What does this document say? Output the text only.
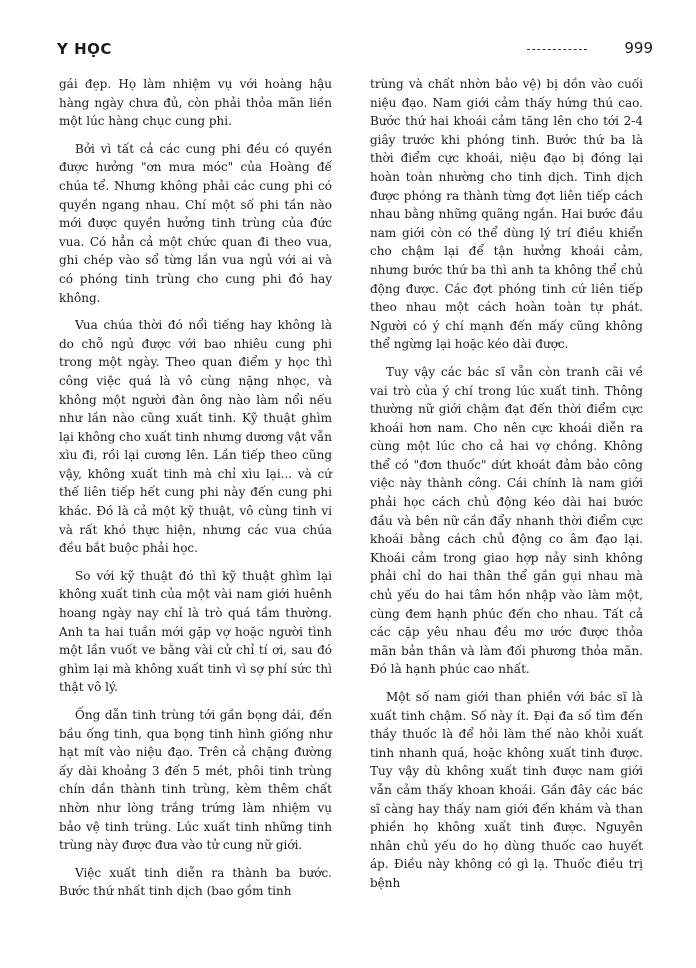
Y HỌC	999

gái đẹp. Họ làm nhiệm vụ với hoàng hậu hàng ngày chưa đủ, còn phải thỏa mãn liền một lúc hàng chục cung phi.

Bởi vì tất cả các cung phi đều có quyền được hưởng "ơn mưa móc" của Hoàng đế chúa tể. Nhưng không phải các cung phi có quyền ngang nhau. Chí một số phi tần nào mới được quyền hưởng tinh trùng của đức vua. Có hẳn cả một chức quan đi theo vua, ghi chép vào sổ từng lần vua ngủ với ai và có phóng tinh trùng cho cung phi đó hay không.

Vua chúa thời đó nổi tiếng hay không là do chỗ ngủ được với bao nhiêu cung phi trong một ngày. Theo quan điểm y học thì công việc quá là vô cùng nặng nhọc, và không một người đàn ông nào làm nổi nếu như lần nào cũng xuất tinh. Kỹ thuật ghìm lại không cho xuất tinh nhưng dương vật vẫn xìu đi, rồi lại cương lên. Lần tiếp theo cũng vậy, không xuất tinh mà chỉ xìu lại... và cứ thế liên tiếp hết cung phi này đến cung phi khác. Đó là cả một kỹ thuật, vô cùng tinh vi và rất khó thực hiện, nhưng các vua chúa đều bắt buộc phải học.

So với kỹ thuật đó thì kỹ thuật ghìm lại không xuất tinh của một vài nam giới huênh hoang ngày nay chỉ là trò quá tầm thường. Anh ta hai tuần mới gặp vợ hoặc người tình một lần vuốt ve bằng vài cử chỉ tí ơi, sau đó ghìm lại mà không xuất tinh vì sợ phí sức thì thật vô lý.

Ống dẫn tinh trùng tới gần bọng dái, đến bầu ống tinh, qua bọng tinh hình giống như hạt mít vào niệu đạo. Trên cả chặng đường ấy dài khoảng 3 đến 5 mét, phôi tinh trùng chín dần thành tinh trùng, kèm thêm chất nhờn như lòng trắng trứng làm nhiệm vụ bảo vệ tinh trùng. Lúc xuất tinh những tinh trùng này được đưa vào tử cung nữ giới.

Việc xuất tinh diễn ra thành ba bước. Bước thứ nhất tinh dịch (bao gồm tinh

trùng và chất nhờn bảo vệ) bị dồn vào cuối niệu đạo. Nam giới cảm thấy hứng thú cao. Bước thứ hai khoái cảm tăng lên cho tới 2-4 giây trước khi phóng tinh. Bước thứ ba là thời điểm cực khoái, niệu đạo bị đóng lại hoàn toàn nhường cho tinh dịch. Tinh dịch được phóng ra thành từng đợt liên tiếp cách nhau bằng những quãng ngắn. Hai bước đầu nam giới còn có thể dùng lý trí điều khiển cho chậm lại để tận hưởng khoái cảm, nhưng bước thứ ba thì anh ta không thể chủ động được. Các đợt phóng tinh cứ liên tiếp theo nhau một cách hoàn toàn tự phát. Người có ý chí mạnh đến mấy cũng không thể ngừng lại hoặc kéo dài được.

Tuy vậy các bác sĩ vẫn còn tranh cãi về vai trò của ý chí trong lúc xuất tinh. Thông thường nữ giới chậm đạt đến thời điểm cực khoái hơn nam. Cho nên cực khoái diễn ra cùng một lúc cho cả hai vợ chồng. Không thể có "đơn thuốc" dứt khoát đảm bảo công việc này thành công. Cái chính là nam giới phải học cách chủ động kéo dài hai bước đầu và bên nữ cần đẩy nhanh thời điểm cực khoái bằng cách chủ động co âm đạo lại. Khoái cảm trong giao hợp nảy sinh không phải chỉ do hai thân thể gần gụi nhau mà chủ yếu do hai tâm hồn nhập vào làm một, cùng đem hạnh phúc đến cho nhau. Tất cả các cặp yêu nhau đều mơ ước được thỏa mãn bản thân và làm đối phương thỏa mãn. Đó là hạnh phúc cao nhất.

Một số nam giới than phiền với bác sĩ là xuất tinh chậm. Số này ít. Đại đa số tìm đến thầy thuốc là để hỏi làm thế nào khỏi xuất tinh nhanh quá, hoặc không xuất tinh được. Tuy vậy dù không xuất tinh được nam giới vẫn cảm thấy khoan khoái. Gần đây các bác sĩ càng hay thấy nam giới đến khám và than phiền họ không xuất tinh được. Nguyên nhân chủ yếu do họ dùng thuốc cao huyết áp. Điều này không có gì lạ. Thuốc điều trị bệnh
